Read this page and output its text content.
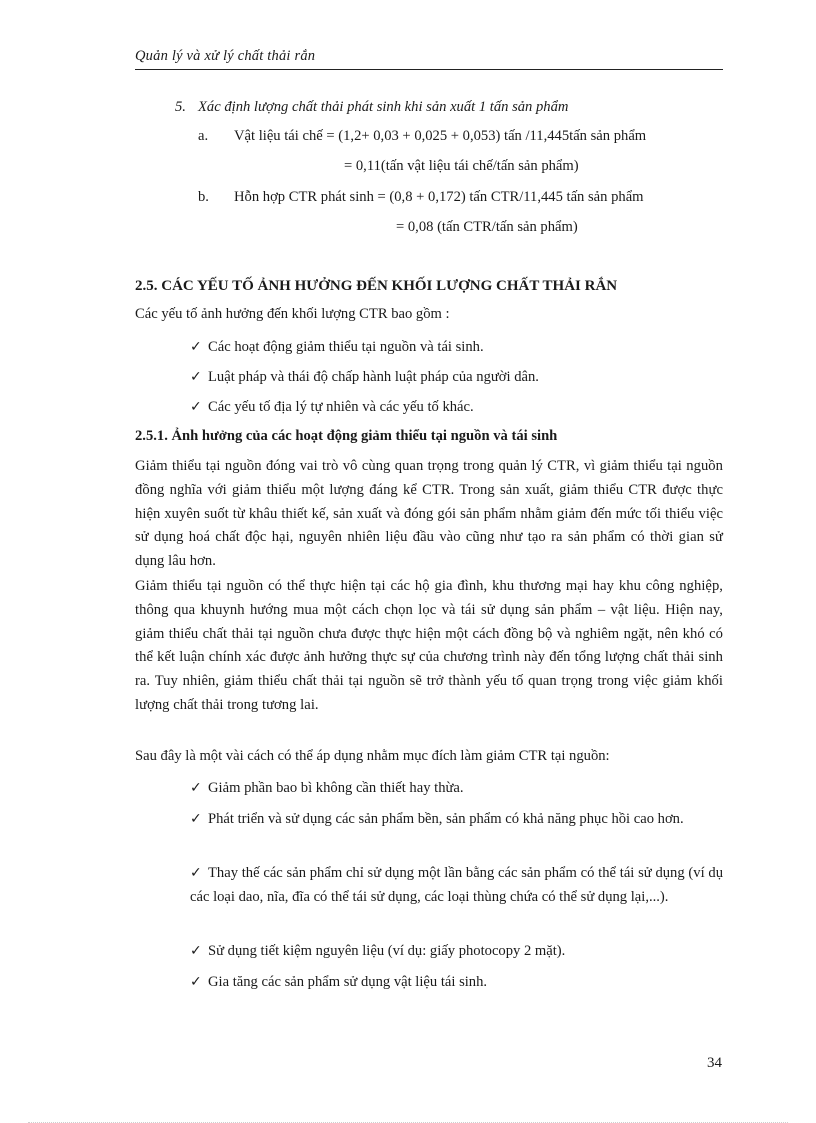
Quản lý và xử lý chất thải rắn
5. Xác định lượng chất thải phát sinh khi sản xuất 1 tấn sản phẩm
a. Vật liệu tái chế = (1,2+ 0,03 + 0,025 + 0,053) tấn /11,445tấn sản phẩm
= 0,11(tấn vật liệu tái chế/tấn sản phẩm)
b. Hỗn hợp CTR phát sinh = (0,8 + 0,172) tấn CTR/11,445 tấn sản phẩm
= 0,08 (tấn CTR/tấn sản phẩm)
2.5. CÁC YẾU TỐ ẢNH HƯỞNG ĐẾN KHỐI LƯỢNG CHẤT THẢI RẮN
Các yếu tố ảnh hưởng đến khối lượng CTR bao gồm :
✓ Các hoạt động giảm thiểu tại nguồn và tái sinh.
✓ Luật pháp và thái độ chấp hành luật pháp của người dân.
✓ Các yếu tố địa lý tự nhiên và các yếu tố khác.
2.5.1. Ảnh hưởng của các hoạt động giảm thiểu tại nguồn và tái sinh
Giảm thiểu tại nguồn đóng vai trò vô cùng quan trọng trong quản lý CTR, vì giảm thiểu tại nguồn đồng nghĩa với giảm thiểu một lượng đáng kể CTR. Trong sản xuất, giảm thiểu CTR được thực hiện xuyên suốt từ khâu thiết kế, sản xuất và đóng gói sản phẩm nhằm giảm đến mức tối thiểu việc sử dụng hoá chất độc hại, nguyên nhiên liệu đầu vào cũng như tạo ra sản phẩm có thời gian sử dụng lâu hơn.
Giảm thiểu tại nguồn có thể thực hiện tại các hộ gia đình, khu thương mại hay khu công nghiệp, thông qua khuynh hướng mua một cách chọn lọc và tái sử dụng sản phẩm – vật liệu. Hiện nay, giảm thiểu chất thải tại nguồn chưa được thực hiện một cách đồng bộ và nghiêm ngặt, nên khó có thể kết luận chính xác được ảnh hưởng thực sự của chương trình này đến tổng lượng chất thải sinh ra. Tuy nhiên, giảm thiểu chất thải tại nguồn sẽ trở thành yếu tố quan trọng trong việc giảm khối lượng chất thải trong tương lai.
Sau đây là một vài cách có thể áp dụng nhằm mục đích làm giảm CTR tại nguồn:
✓ Giảm phần bao bì không cần thiết hay thừa.
✓ Phát triển và sử dụng các sản phẩm bền, sản phẩm có khả năng phục hồi cao hơn.
✓ Thay thế các sản phẩm chỉ sử dụng một lần bằng các sản phẩm có thể tái sử dụng (ví dụ các loại dao, nĩa, đĩa có thể tái sử dụng, các loại thùng chứa có thể sử dụng lại,...).
✓ Sử dụng tiết kiệm nguyên liệu (ví dụ: giấy photocopy 2 mặt).
✓ Gia tăng các sản phẩm sử dụng vật liệu tái sinh.
34
